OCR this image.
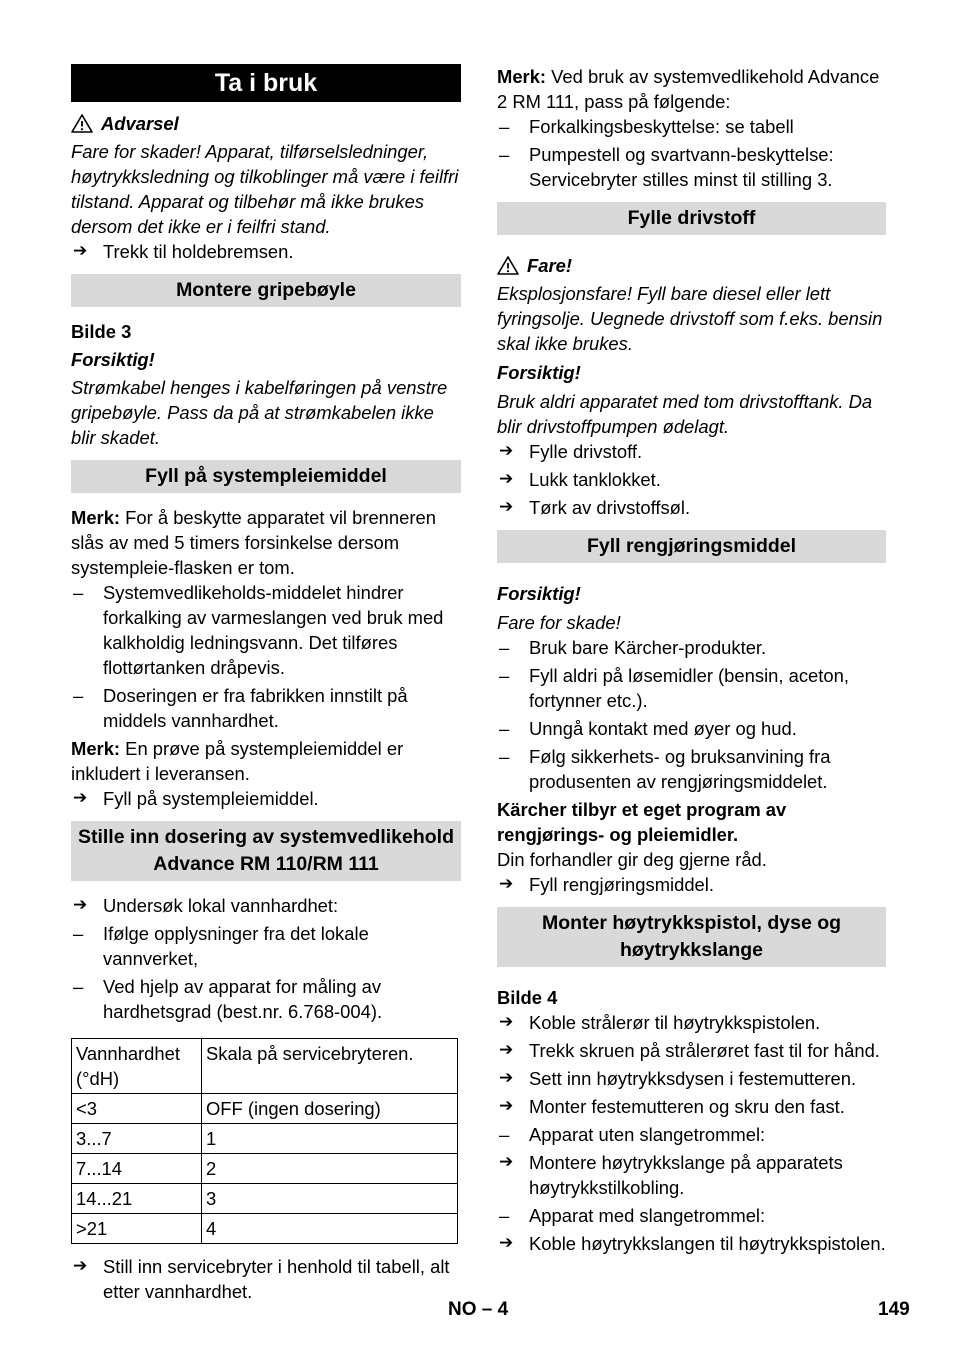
Ta i bruk
Advarsel

Fare for skader! Apparat, tilførselsledninger, høytrykksledning og tilkoblinger må være i feilfri tilstand. Apparat og tilbehør må ikke brukes dersom det ikke er i feilfri stand.

➔ Trekk til holdebremsen.

Montere gripebøyle

Bilde 3

Forsiktig!

Strømkabel henges i kabelføringen på venstre gripebøyle. Pass da på at strømkabelen ikke blir skadet.

Fyll på systempleiemiddel

Merk: For å beskytte apparatet vil brenneren slås av med 5 timers forsinkelse dersom systempleie-flasken er tom.

– Systemvedlikeholds-middelet hindrer forkalking av varmeslangen ved bruk med kalkholdig ledningsvann. Det tilføres flottørtanken dråpevis.

– Doseringen er fra fabrikken innstilt på middels vannhardhet.

Merk: En prøve på systempleiemiddel er inkludert i leveransen.

➔ Fyll på systempleiemiddel.

Stille inn dosering av systemvedlikehold Advance RM 110/RM 111

➔ Undersøk lokal vannhardhet:

– Ifølge opplysninger fra det lokale vannverket,

– Ved hjelp av apparat for måling av hardhetsgrad (best.nr. 6.768-004).

Vannhardhet (°dH)	Skala på servicebryteren.
<3	OFF (ingen dosering)
3...7	1
7...14	2
14...21	3
>21	4

➔ Still inn servicebryter i henhold til tabell, alt etter vannhardhet.

Merk: Ved bruk av systemvedlikehold Advance 2 RM 111, pass på følgende:

– Forkalkingsbeskyttelse: se tabell

– Pumpestell og svartvann-beskyttelse: Servicebryter stilles minst til stilling 3.

Fylle drivstoff
Fare!

Eksplosjonsfare! Fyll bare diesel eller lett fyringsolje. Uegnede drivstoff som f.eks. bensin skal ikke brukes.

Forsiktig!

Bruk aldri apparatet med tom drivstofftank. Da blir drivstoffpumpen ødelagt.

➔ Fylle drivstoff.

➔ Lukk tanklokket.

➔ Tørk av drivstoffsøl.

Fyll rengjøringsmiddel

Forsiktig!

Fare for skade!

– Bruk bare Kärcher-produkter.

– Fyll aldri på løsemidler (bensin, aceton, fortynner etc.).

– Unngå kontakt med øyer og hud.

– Følg sikkerhets- og bruksanvining fra produsenten av rengjøringsmiddelet.

Kärcher tilbyr et eget program av rengjørings- og pleiemidler.

Din forhandler gir deg gjerne råd.

➔ Fyll rengjøringsmiddel.

Monter høytrykkspistol, dyse og høytrykkslange

Bilde 4

➔ Koble strålerør til høytrykkspistolen.

➔ Trekk skruen på strålerøret fast til for hånd.

➔ Sett inn høytrykksdysen i festemutteren.

➔ Monter festemutteren og skru den fast.

– Apparat uten slangetrommel:

➔ Montere høytrykkslange på apparatets høytrykkstilkobling.

– Apparat med slangetrommel:

➔ Koble høytrykkslangen til høytrykkspistolen.

NO – 4	149
